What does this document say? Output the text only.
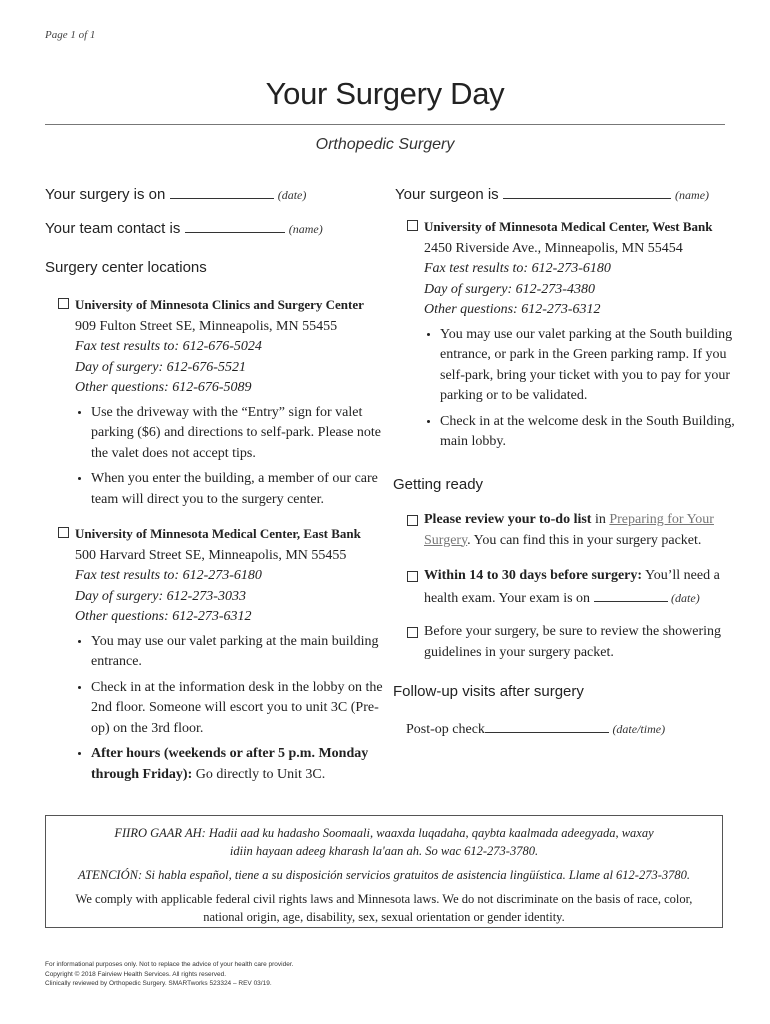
Page 1 of 1
Your Surgery Day
Orthopedic Surgery
Your surgery is on	(date)
Your team contact is	(name)
Surgery center locations
University of Minnesota Clinics and Surgery Center
909 Fulton Street SE, Minneapolis, MN 55455
Fax test results to: 612-676-5024
Day of surgery: 612-676-5521
Other questions: 612-676-5089
• Use the driveway with the “Entry” sign for valet parking ($6) and directions to self-park. Please note the valet does not accept tips.
• When you enter the building, a member of our care team will direct you to the surgery center.
University of Minnesota Medical Center, East Bank
500 Harvard Street SE, Minneapolis, MN 55455
Fax test results to: 612-273-6180
Day of surgery: 612-273-3033
Other questions: 612-273-6312
• You may use our valet parking at the main building entrance.
• Check in at the information desk in the lobby on the 2nd floor. Someone will escort you to unit 3C (Pre-op) on the 3rd floor.
• After hours (weekends or after 5 p.m. Monday through Friday): Go directly to Unit 3C.
Your surgeon is	(name)
University of Minnesota Medical Center, West Bank
2450 Riverside Ave., Minneapolis, MN 55454
Fax test results to: 612-273-6180
Day of surgery: 612-273-4380
Other questions: 612-273-6312
• You may use our valet parking at the South building entrance, or park in the Green parking ramp. If you self-park, bring your ticket with you to pay for your parking or to be validated.
• Check in at the welcome desk in the South Building, main lobby.
Getting ready
Please review your to-do list in Preparing for Your Surgery. You can find this in your surgery packet.
Within 14 to 30 days before surgery: You’ll need a health exam. Your exam is on	(date)
Before your surgery, be sure to review the showering guidelines in your surgery packet.
Follow-up visits after surgery
Post-op check	(date/time)

FIIRO GAAR AH: Hadii aad ku hadasho Soomaali, waaxda luqadaha, qaybta kaalmada adeegyada, waxay idiin hayaan adeeg kharash la'aan ah. So wac 612-273-3780.

ATENCIÓN: Si habla español, tiene a su disposición servicios gratuitos de asistencia lingüística. Llame al 612-273-3780.

We comply with applicable federal civil rights laws and Minnesota laws. We do not discriminate on the basis of race, color, national origin, age, disability, sex, sexual orientation or gender identity.

For informational purposes only. Not to replace the advice of your health care provider.
Copyright © 2018 Fairview Health Services. All rights reserved.
Clinically reviewed by Orthopedic Surgery. SMARTworks 523324 – REV 03/19.
